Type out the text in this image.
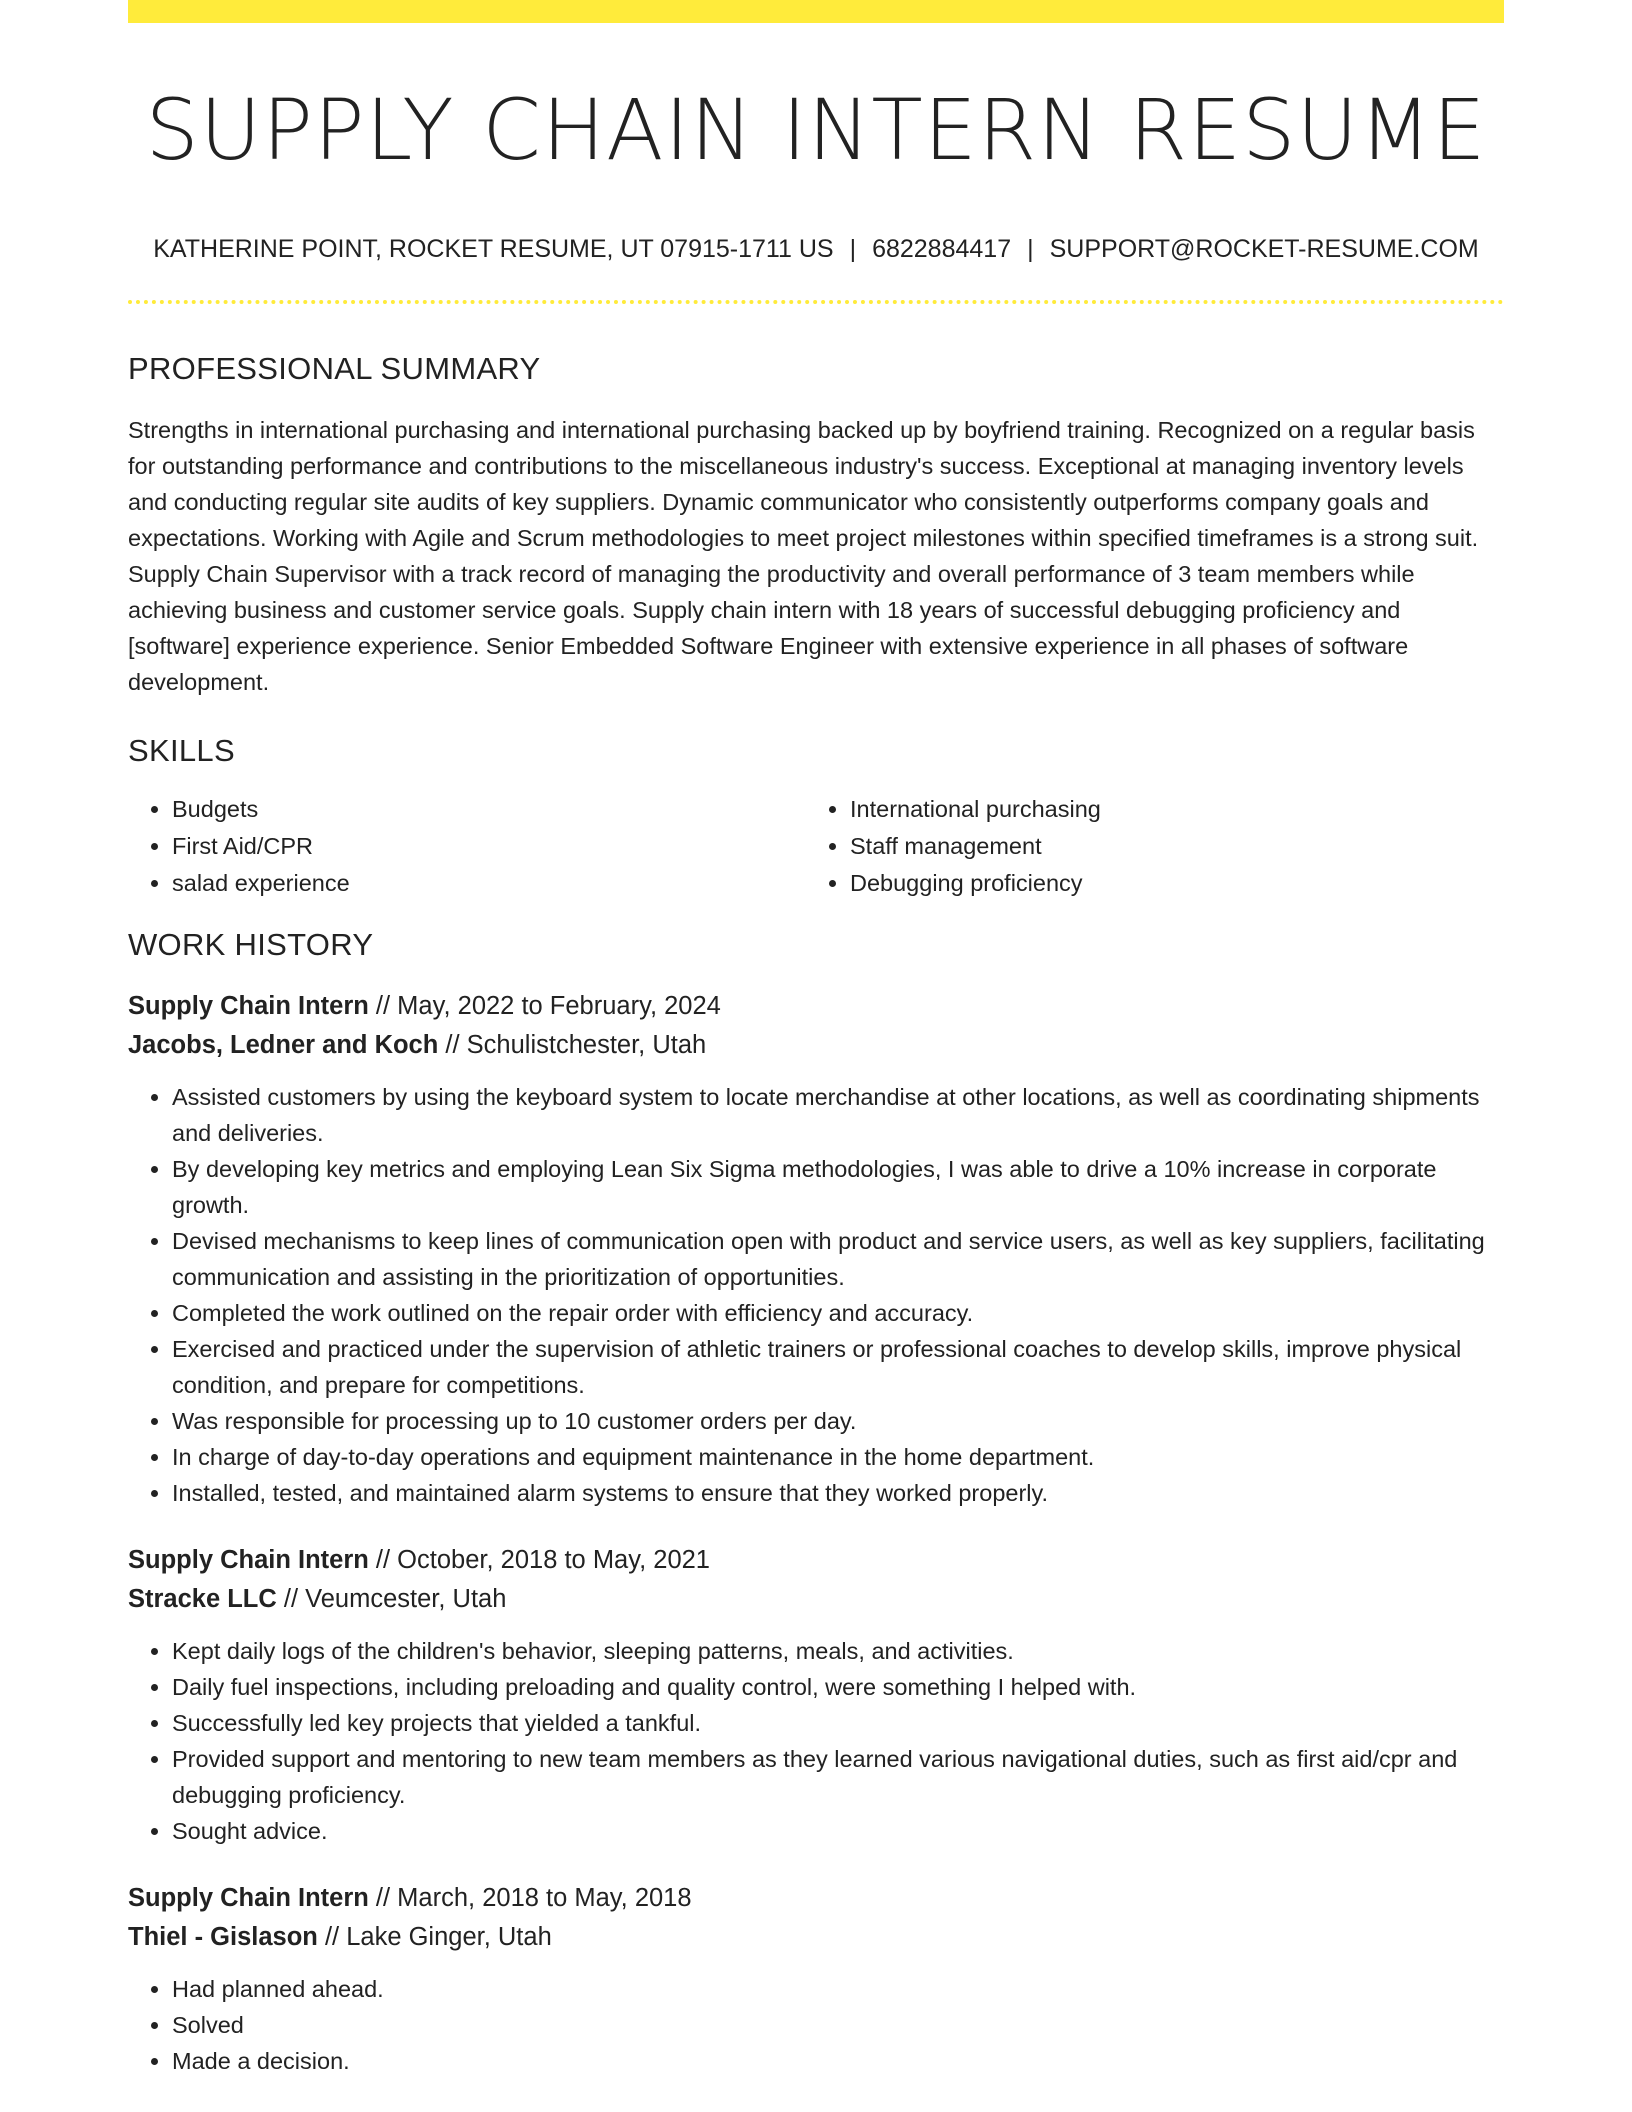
SUPPLY CHAIN INTERN RESUME
KATHERINE POINT, ROCKET RESUME, UT 07915-1711 US | 6822884417 | SUPPORT@ROCKET-RESUME.COM
PROFESSIONAL SUMMARY

Strengths in international purchasing and international purchasing backed up by boyfriend training. Recognized on a regular basis for outstanding performance and contributions to the miscellaneous industry's success. Exceptional at managing inventory levels and conducting regular site audits of key suppliers. Dynamic communicator who consistently outperforms company goals and expectations. Working with Agile and Scrum methodologies to meet project milestones within specified timeframes is a strong suit. Supply Chain Supervisor with a track record of managing the productivity and overall performance of 3 team members while achieving business and customer service goals. Supply chain intern with 18 years of successful debugging proficiency and [software] experience experience. Senior Embedded Software Engineer with extensive experience in all phases of software development.

SKILLS
• Budgets
• First Aid/CPR
• salad experience
• International purchasing
• Staff management
• Debugging proficiency
WORK HISTORY
Supply Chain Intern // May, 2022 to February, 2024
Jacobs, Ledner and Koch // Schulistchester, Utah
• Assisted customers by using the keyboard system to locate merchandise at other locations, as well as coordinating shipments and deliveries.
• By developing key metrics and employing Lean Six Sigma methodologies, I was able to drive a 10% increase in corporate growth.
• Devised mechanisms to keep lines of communication open with product and service users, as well as key suppliers, facilitating communication and assisting in the prioritization of opportunities.
• Completed the work outlined on the repair order with efficiency and accuracy.
• Exercised and practiced under the supervision of athletic trainers or professional coaches to develop skills, improve physical condition, and prepare for competitions.
• Was responsible for processing up to 10 customer orders per day.
• In charge of day-to-day operations and equipment maintenance in the home department.
• Installed, tested, and maintained alarm systems to ensure that they worked properly.
Supply Chain Intern // October, 2018 to May, 2021
Stracke LLC // Veumcester, Utah
• Kept daily logs of the children's behavior, sleeping patterns, meals, and activities.
• Daily fuel inspections, including preloading and quality control, were something I helped with.
• Successfully led key projects that yielded a tankful.
• Provided support and mentoring to new team members as they learned various navigational duties, such as first aid/cpr and debugging proficiency.
• Sought advice.
Supply Chain Intern // March, 2018 to May, 2018
Thiel - Gislason // Lake Ginger, Utah
• Had planned ahead.
• Solved
• Made a decision.
